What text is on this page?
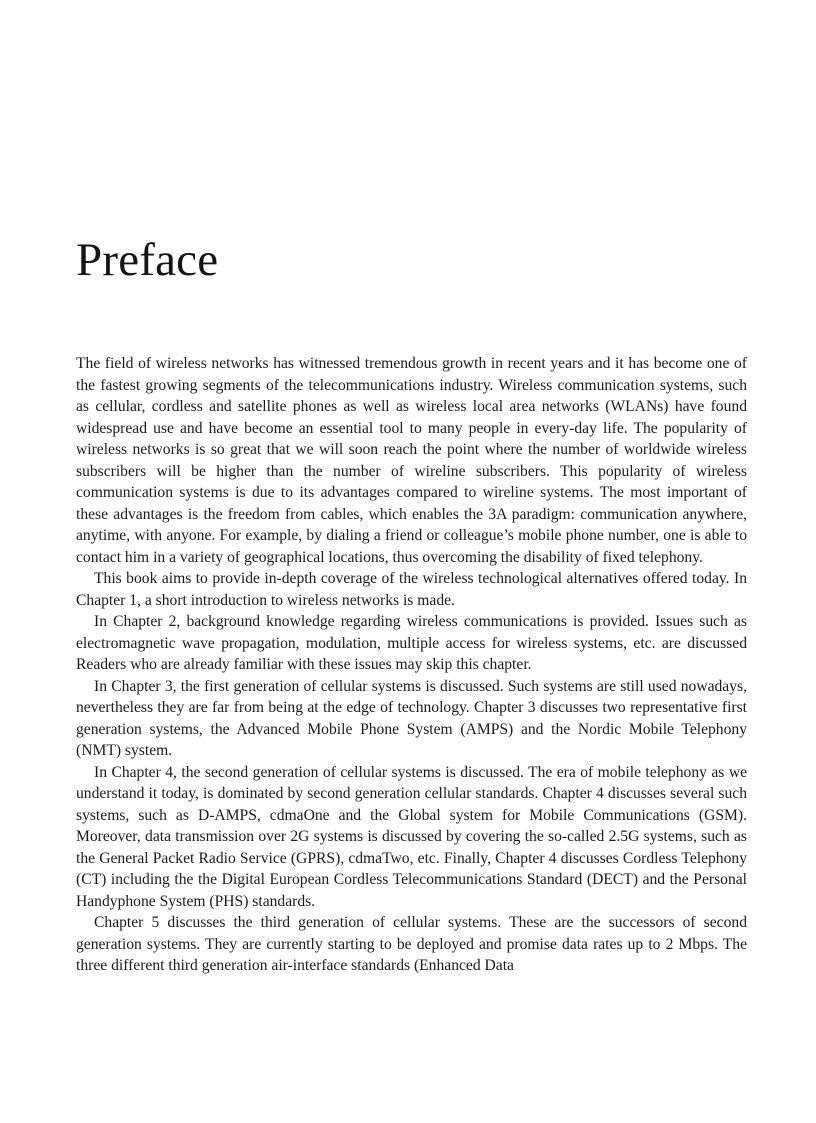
Preface

The field of wireless networks has witnessed tremendous growth in recent years and it has become one of the fastest growing segments of the telecommunications industry. Wireless communication systems, such as cellular, cordless and satellite phones as well as wireless local area networks (WLANs) have found widespread use and have become an essential tool to many people in every-day life. The popularity of wireless networks is so great that we will soon reach the point where the number of worldwide wireless subscribers will be higher than the number of wireline subscribers. This popularity of wireless communication systems is due to its advantages compared to wireline systems. The most important of these advantages is the freedom from cables, which enables the 3A paradigm: communication anywhere, anytime, with anyone. For example, by dialing a friend or colleague’s mobile phone number, one is able to contact him in a variety of geographical locations, thus overcoming the disability of fixed telephony.

This book aims to provide in-depth coverage of the wireless technological alternatives offered today. In Chapter 1, a short introduction to wireless networks is made.

In Chapter 2, background knowledge regarding wireless communications is provided. Issues such as electromagnetic wave propagation, modulation, multiple access for wireless systems, etc. are discussed Readers who are already familiar with these issues may skip this chapter.

In Chapter 3, the first generation of cellular systems is discussed. Such systems are still used nowadays, nevertheless they are far from being at the edge of technology. Chapter 3 discusses two representative first generation systems, the Advanced Mobile Phone System (AMPS) and the Nordic Mobile Telephony (NMT) system.

In Chapter 4, the second generation of cellular systems is discussed. The era of mobile telephony as we understand it today, is dominated by second generation cellular standards. Chapter 4 discusses several such systems, such as D-AMPS, cdmaOne and the Global system for Mobile Communications (GSM). Moreover, data transmission over 2G systems is discussed by covering the so-called 2.5G systems, such as the General Packet Radio Service (GPRS), cdmaTwo, etc. Finally, Chapter 4 discusses Cordless Telephony (CT) including the the Digital European Cordless Telecommunications Standard (DECT) and the Personal Handyphone System (PHS) standards.

Chapter 5 discusses the third generation of cellular systems. These are the successors of second generation systems. They are currently starting to be deployed and promise data rates up to 2 Mbps. The three different third generation air-interface standards (Enhanced Data
